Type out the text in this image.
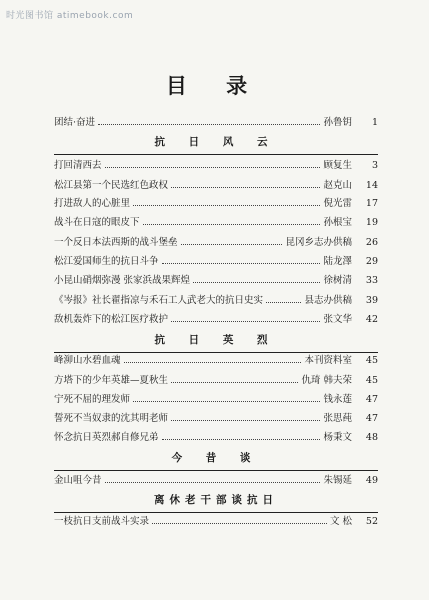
时光图书馆 atimebook.com
目 录
团结·奋进	孙鲁钥	1
抗 日 风 云
打回清西去	顾复生	3
松江县第一个民选红色政权	赵克山	14
打进敌人的心脏里	倪光雷	17
战斗在日寇的眼皮下	孙根宝	19
一个反日本法西斯的战斗堡垒	昆冈乡志办供稿	26
松江爱国师生的抗日斗争	陆龙澤	29
小昆山硝烟弥漫 张家浜战果辉煌	徐树清	33
《岑报》社长翟指凉与禾石工人武老大的抗日史实	县志办供稿	39
敌机轰炸下的松江医疗救护	张文华	42
抗 日 英 烈
峰泖山水碧血魂	本刊资料室	45
方塔下的少年英雄—夏秋生	仇琦 韩夫荣	45
宁死不屈的理发师	钱永莲	47
誓死不当奴隶的沈其明老师	张思莼	47
怀念抗日英烈郝自修兄弟	杨秉文	48
今 昔 谈
金山咀今昔	朱锡延	49
离休老干部谈抗日
一枝抗日支前战斗实录	文 松	52
